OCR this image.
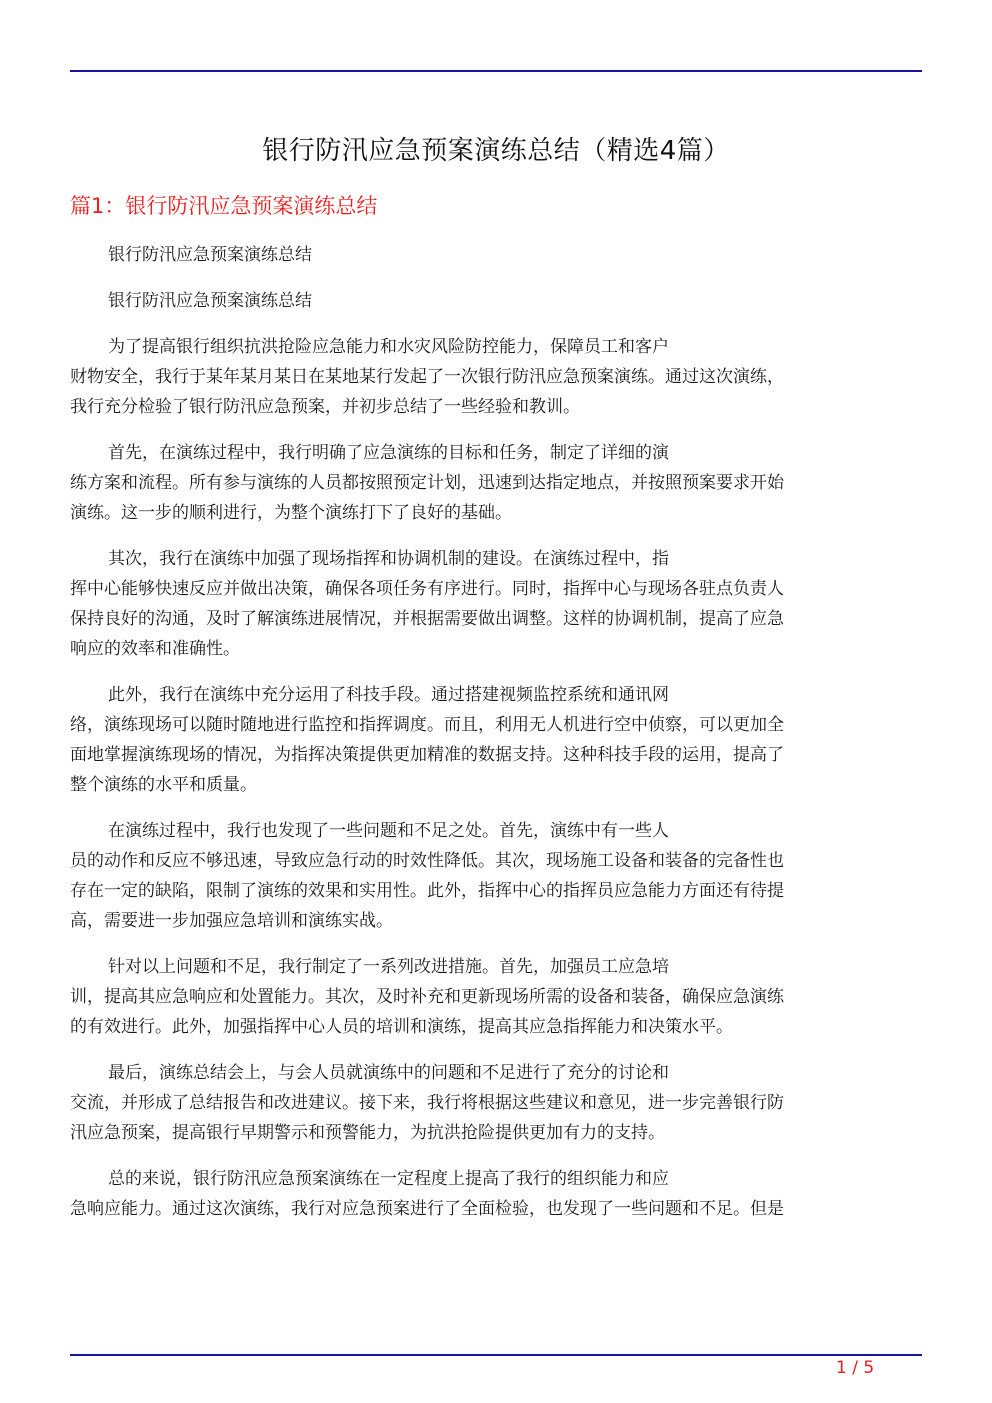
银行防汛应急预案演练总结（精选4篇）
篇1：银行防汛应急预案演练总结

银行防汛应急预案演练总结

银行防汛应急预案演练总结

为了提高银行组织抗洪抢险应急能力和水灾风险防控能力，保障员工和客户
财物安全，我行于某年某月某日在某地某行发起了一次银行防汛应急预案演练。通过这次演练，
我行充分检验了银行防汛应急预案，并初步总结了一些经验和教训。

首先，在演练过程中，我行明确了应急演练的目标和任务，制定了详细的演
练方案和流程。所有参与演练的人员都按照预定计划，迅速到达指定地点，并按照预案要求开始
演练。这一步的顺利进行，为整个演练打下了良好的基础。

其次，我行在演练中加强了现场指挥和协调机制的建设。在演练过程中，指
挥中心能够快速反应并做出决策，确保各项任务有序进行。同时，指挥中心与现场各驻点负责人
保持良好的沟通，及时了解演练进展情况，并根据需要做出调整。这样的协调机制，提高了应急
响应的效率和准确性。

此外，我行在演练中充分运用了科技手段。通过搭建视频监控系统和通讯网
络，演练现场可以随时随地进行监控和指挥调度。而且，利用无人机进行空中侦察，可以更加全
面地掌握演练现场的情况，为指挥决策提供更加精准的数据支持。这种科技手段的运用，提高了
整个演练的水平和质量。

在演练过程中，我行也发现了一些问题和不足之处。首先，演练中有一些人
员的动作和反应不够迅速，导致应急行动的时效性降低。其次，现场施工设备和装备的完备性也
存在一定的缺陷，限制了演练的效果和实用性。此外，指挥中心的指挥员应急能力方面还有待提
高，需要进一步加强应急培训和演练实战。

针对以上问题和不足，我行制定了一系列改进措施。首先，加强员工应急培
训，提高其应急响应和处置能力。其次，及时补充和更新现场所需的设备和装备，确保应急演练
的有效进行。此外，加强指挥中心人员的培训和演练，提高其应急指挥能力和决策水平。

最后，演练总结会上，与会人员就演练中的问题和不足进行了充分的讨论和
交流，并形成了总结报告和改进建议。接下来，我行将根据这些建议和意见，进一步完善银行防
汛应急预案，提高银行早期警示和预警能力，为抗洪抢险提供更加有力的支持。

总的来说，银行防汛应急预案演练在一定程度上提高了我行的组织能力和应
急响应能力。通过这次演练，我行对应急预案进行了全面检验，也发现了一些问题和不足。但是

1 / 5
